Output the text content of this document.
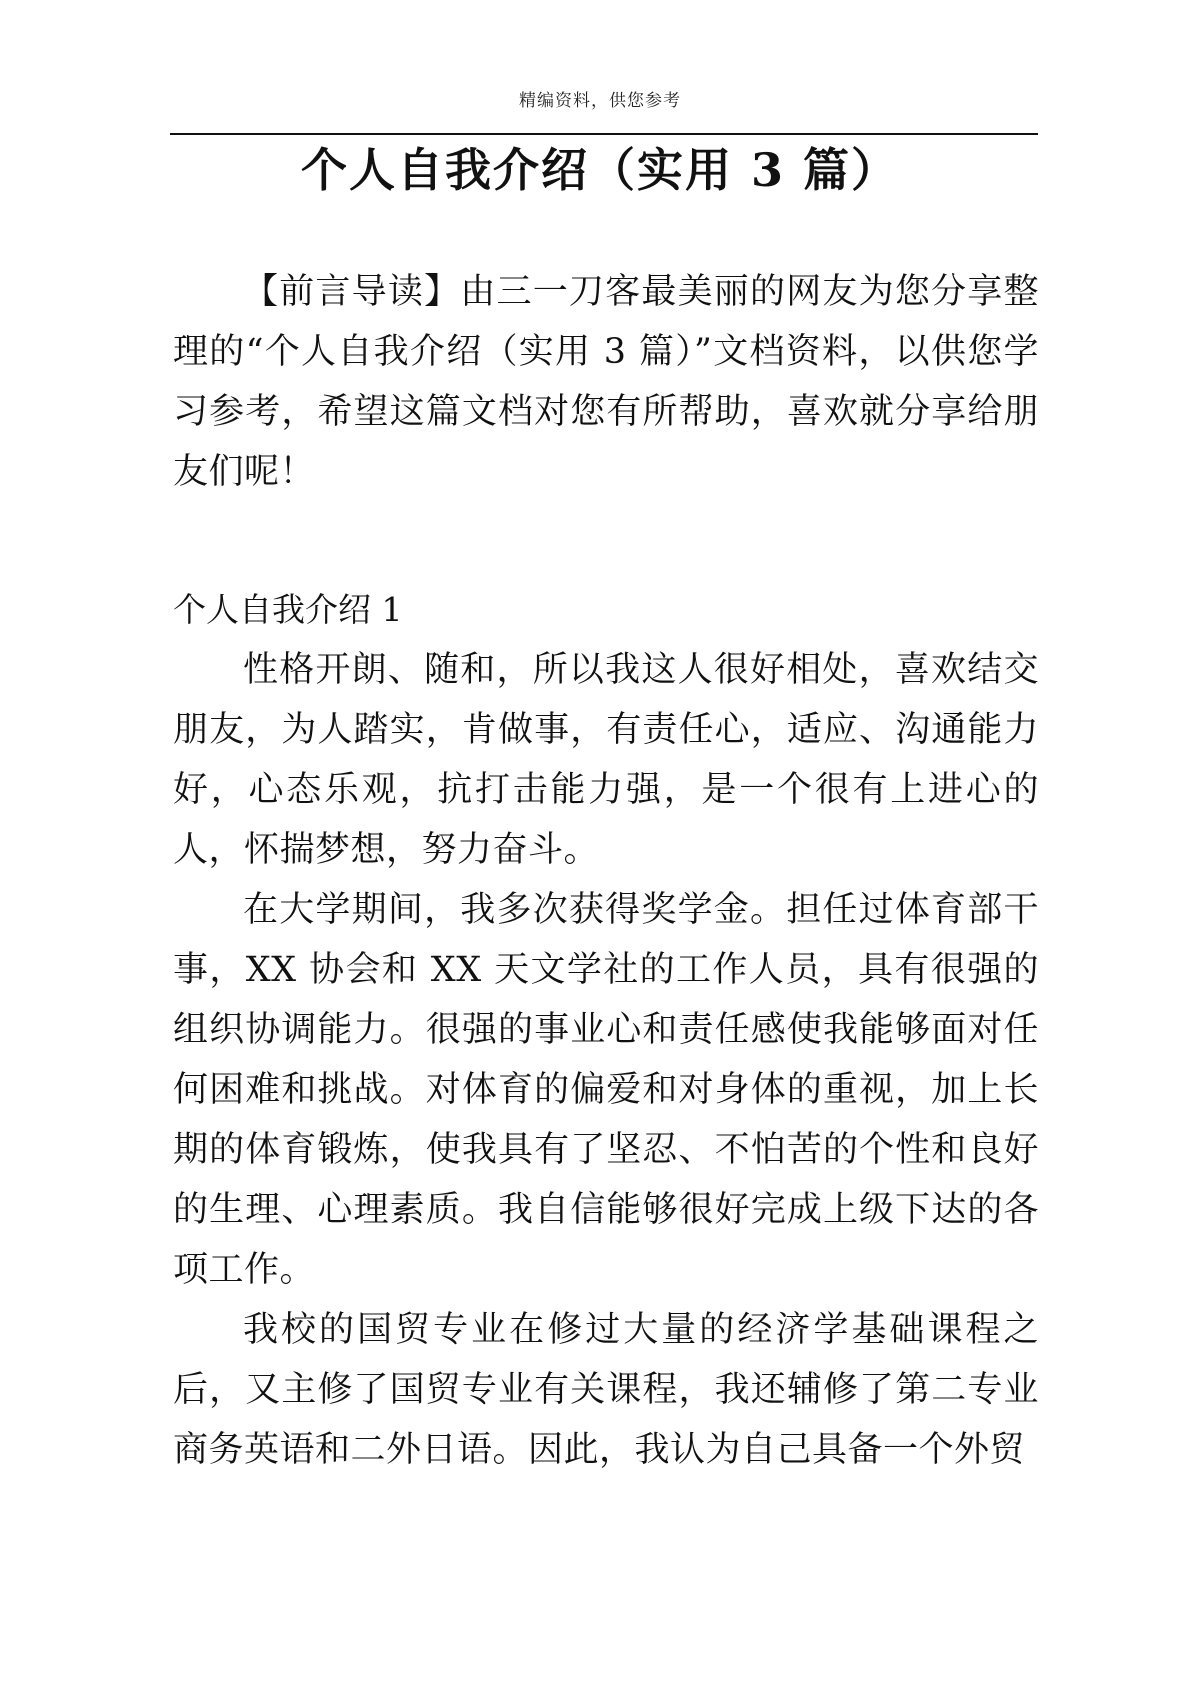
精编资料，供您参考
个人自我介绍（实用 3 篇）

【前言导读】由三一刀客最美丽的网友为您分享整理的“个人自我介绍（实用 3 篇）”文档资料，以供您学习参考，希望这篇文档对您有所帮助，喜欢就分享给朋友们呢！

个人自我介绍 1

性格开朗、随和，所以我这人很好相处，喜欢结交朋友，为人踏实，肯做事，有责任心，适应、沟通能力好，心态乐观，抗打击能力强，是一个很有上进心的人，怀揣梦想，努力奋斗。

在大学期间，我多次获得奖学金。担任过体育部干事，XX 协会和 XX 天文学社的工作人员，具有很强的组织协调能力。很强的事业心和责任感使我能够面对任何困难和挑战。对体育的偏爱和对身体的重视，加上长期的体育锻炼，使我具有了坚忍、不怕苦的个性和良好的生理、心理素质。我自信能够很好完成上级下达的各项工作。

我校的国贸专业在修过大量的经济学基础课程之后，又主修了国贸专业有关课程，我还辅修了第二专业商务英语和二外日语。因此，我认为自己具备一个外贸
